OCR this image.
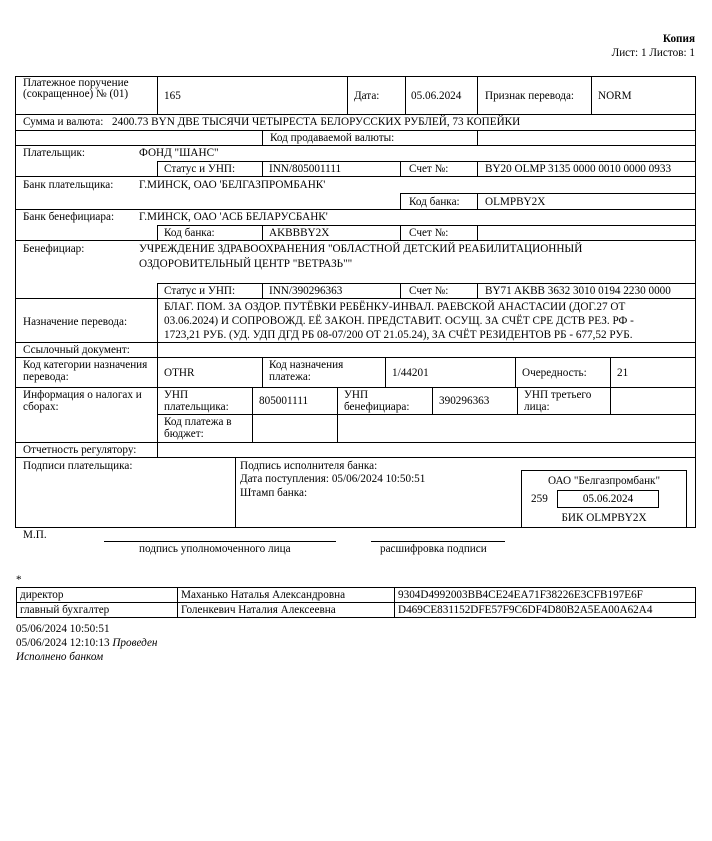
Копия
Лист: 1 Листов: 1
Платежное поручение (сокращенное) № (01)	165	Дата:	05.06.2024 Признак перевода: NORM
Сумма и валюта: 2400.73 BYN ДВЕ ТЫСЯЧИ ЧЕТЫРЕСТА БЕЛОРУССКИХ РУБЛЕЙ, 73 КОПЕЙКИ
Код продаваемой валюты:
Плательщик:	ФОНД "ШАНС"
Статус и УНП:	INN/805001111	Счет №:	BY20 OLMP 3135 0000 0010 0000 0933
Банк плательщика: Г.МИНСК, ОАО 'БЕЛГАЗПРОМБАНК'
Код банка: OLMPBY2X
Банк бенефициара: Г.МИНСК, ОАО 'АСБ БЕЛАРУСБАНК'
Код банка:	AKBBBY2X	Счет №:
Бенефициар:	УЧРЕЖДЕНИЕ ЗДРАВООХРАНЕНИЯ "ОБЛАСТНОЙ ДЕТСКИЙ РЕАБИЛИТАЦИОННЫЙ
ОЗДОРОВИТЕЛЬНЫЙ ЦЕНТР "ВЕТРАЗЬ""
Статус и УНП:	INN/390296363	Счет №:	BY71 AKBB 3632 3010 0194 2230 0000
Назначение перевода:
БЛАГ. ПОМ. ЗА ОЗДОР. ПУТЁВКИ РЕБЁНКУ-ИНВАЛ. РАЕВСКОЙ АНАСТАСИИ (ДОГ.27 ОТ
03.06.2024) И СОПРОВОЖД. ЕЁ ЗАКОН. ПРЕДСТАВИТ. ОСУЩ. ЗА СЧЁТ СРЕ ДСТВ РЕЗ. РФ -
1723,21 РУБ. (УД. УДП ДГД РБ 08-07/200 ОТ 21.05.24), ЗА СЧЁТ РЕЗИДЕНТОВ РБ - 677,52 РУБ.
Ссылочный документ:
Код категории назначения перевода:	OTHR
Код назначения платежа:	1/44201	Очередность:	21
Информация о налогах и сборах:
УНП плательщика:	805001111	УНП бенефициара:	390296363	УНП третьего лица:
Код платежа в бюджет:
Отчетность регулятору:
Подписи плательщика:	Подпись исполнителя банка:
Дата поступления: 05/06/2024 10:50:51
Штамп банка:
ОАО "Белгазпромбанк"
259	05.06.2024
БИК OLMPBY2X
М.П.
подпись уполномоченного лица	расшифровка подписи
*
директор	Маханько Наталья Александровна	9304D4992003BB4CE24EA71F38226E3CFB197E6F
главный бухгалтер	Голенкевич Наталия Алексеевна	D469CE831152DFE57F9C6DF4D80B2A5EA00A62A4
05/06/2024 10:50:51
05/06/2024 12:10:13 Проведен
Исполнено банком
